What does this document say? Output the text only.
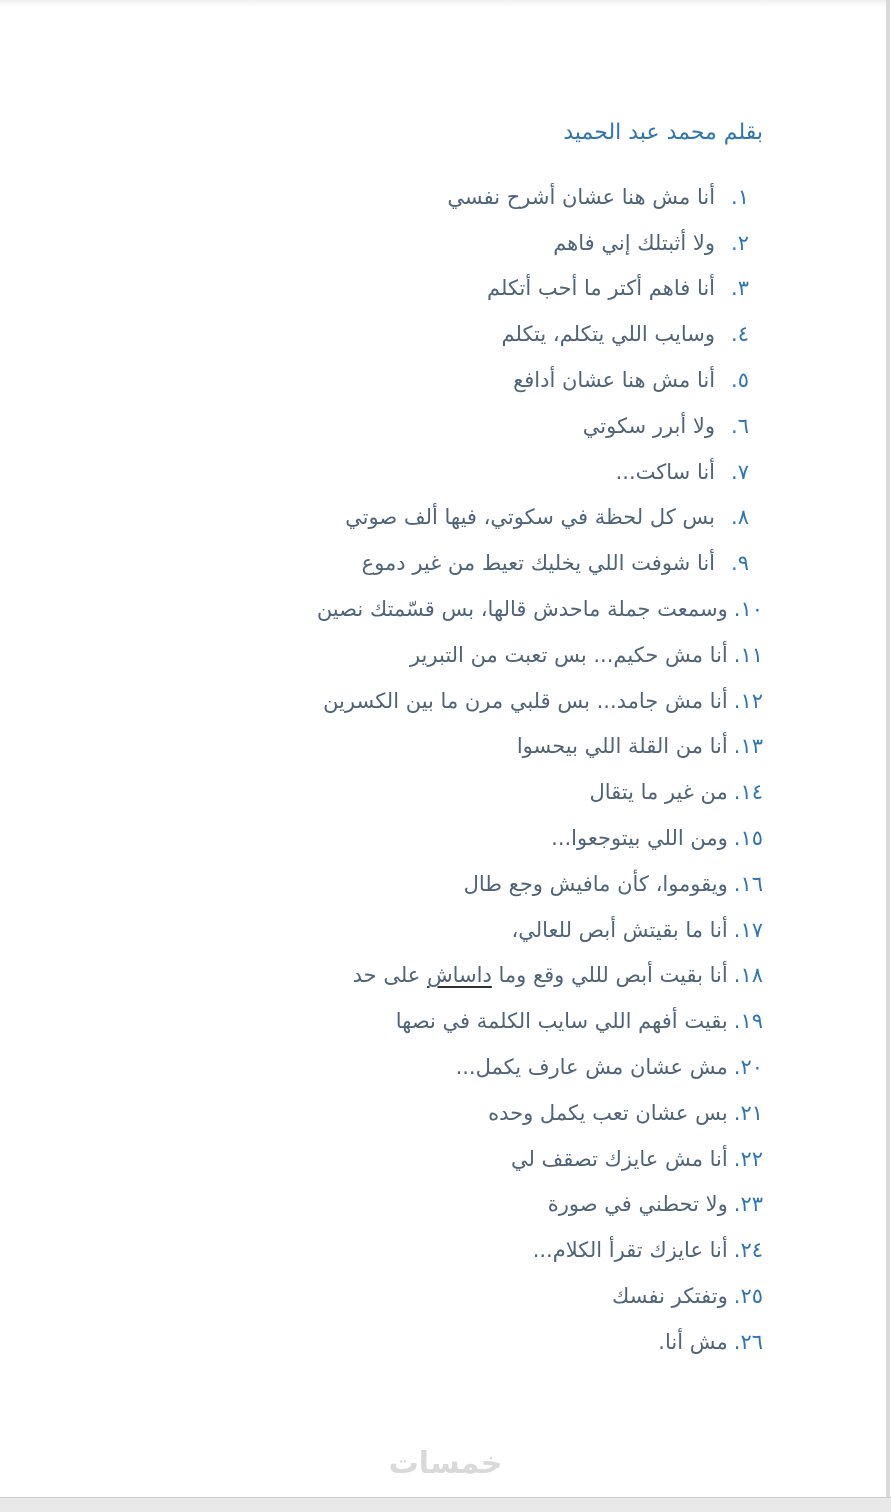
بقلم محمد عبد الحميد
١.
أنا مش هنا عشان أشرح نفسي
٢.
ولا أثبتلك إني فاهم
٣.
أنا فاهم أكتر ما أحب أتكلم
٤.
وسايب اللي يتكلم، يتكلم
٥.
أنا مش هنا عشان أدافع
٦.
ولا أبرر سكوتي
٧.
أنا ساكت...
٨.
بس كل لحظة في سكوتي، فيها ألف صوتي
٩.
أنا شوفت اللي يخليك تعيط من غير دموع
١٠.
وسمعت جملة ماحدش قالها، بس قسّمتك نصين
١١.
أنا مش حكيم... بس تعبت من التبرير
١٢.
أنا مش جامد... بس قلبي مرن ما بين الكسرين
١٣.
أنا من القلة اللي بيحسوا
١٤.
من غير ما يتقال
١٥.
ومن اللي بيتوجعوا...
١٦.
ويقوموا، كأن مافيش وجع طال
١٧.
أنا ما بقيتش أبص للعالي،
١٨.
أنا بقيت أبص لللي وقع وما داساش على حد
١٩.
بقيت أفهم اللي سايب الكلمة في نصها
٢٠.
مش عشان مش عارف يكمل...
٢١.
بس عشان تعب يكمل وحده
٢٢.
أنا مش عايزك تصقف لي
٢٣.
ولا تحطني في صورة
٢٤.
أنا عايزك تقرأ الكلام...
٢٥.
وتفتكر نفسك
٢٦.
مش أنا.
خمسات
